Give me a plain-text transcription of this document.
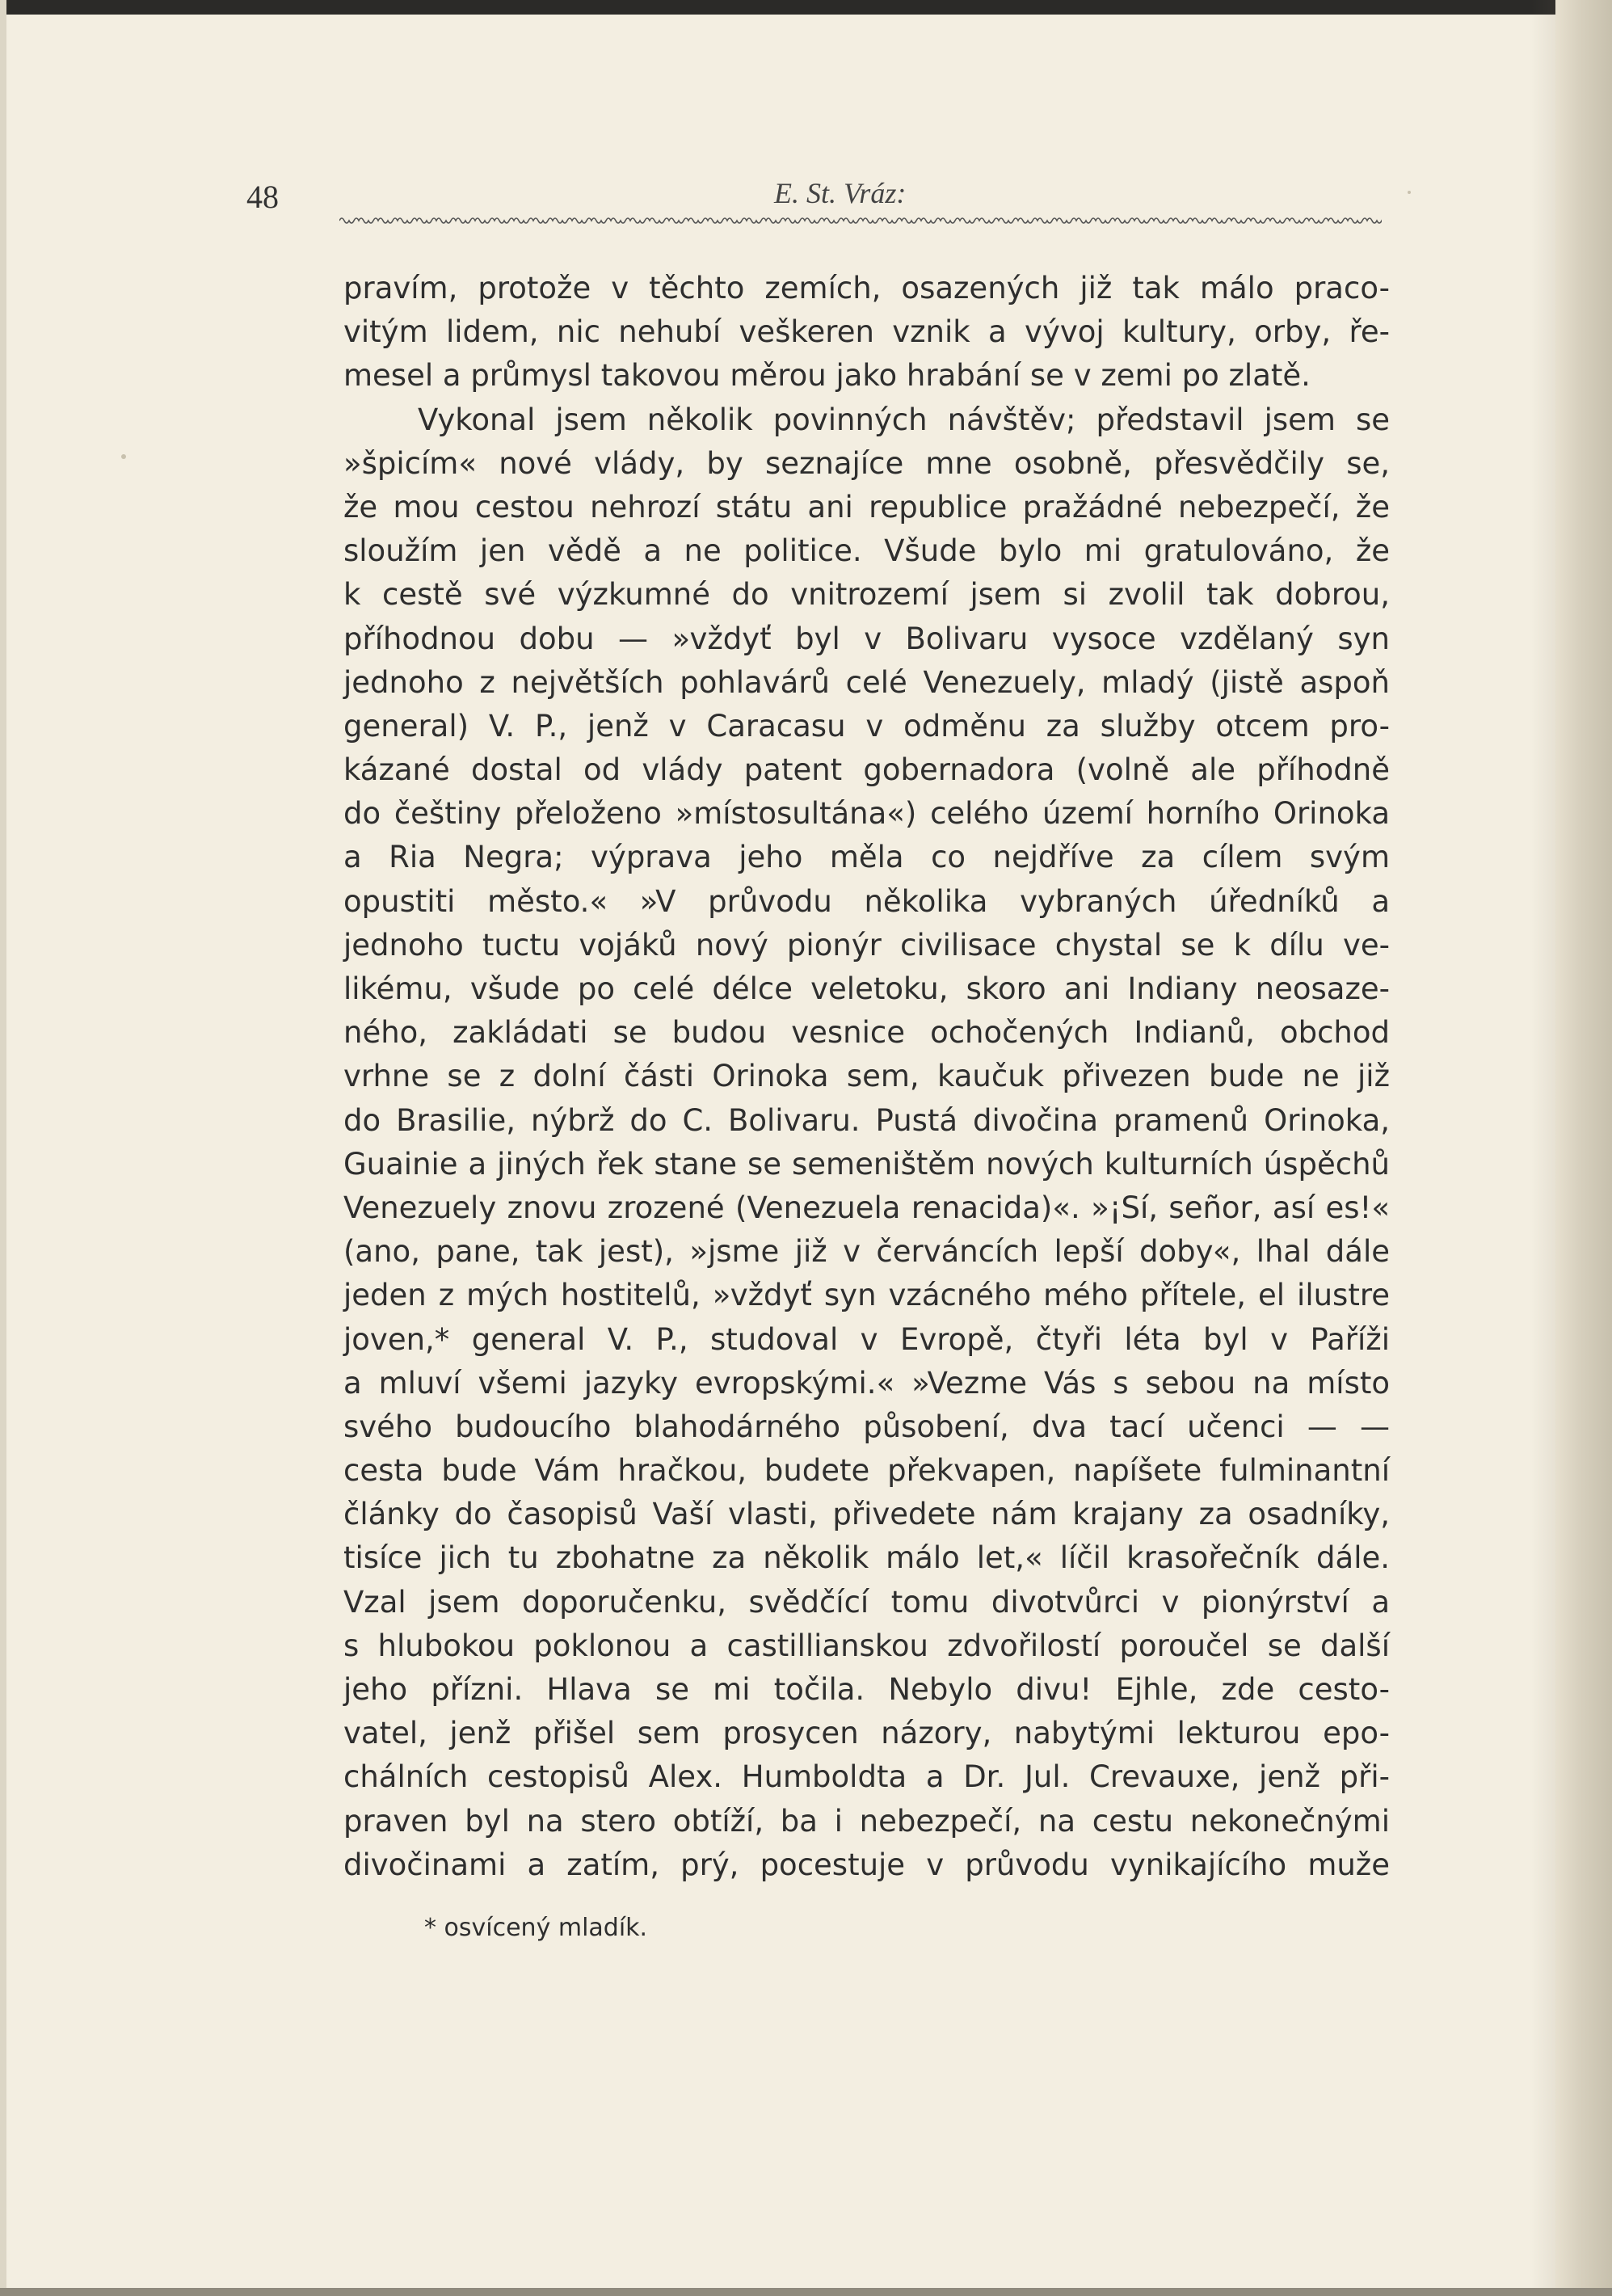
48	E. St. Vráz:
pravím, protože v těchto zemích, osazených již tak málo praco-
vitým lidem, nic nehubí veškeren vznik a vývoj kultury, orby, ře-
mesel a průmysl takovou měrou jako hrabání se v zemi po zlatě.
Vykonal jsem několik povinných návštěv; představil jsem se
»špicím« nové vlády, by seznajíce mne osobně, přesvědčily se,
že mou cestou nehrozí státu ani republice pražádné nebezpečí, že
sloužím jen vědě a ne politice. Všude bylo mi gratulováno, že
k cestě své výzkumné do vnitrozemí jsem si zvolil tak dobrou,
příhodnou dobu — »vždyť byl v Bolivaru vysoce vzdělaný syn
jednoho z největších pohlavárů celé Venezuely, mladý (jistě aspoň
general) V. P., jenž v Caracasu v odměnu za služby otcem pro-
kázané dostal od vlády patent gobernadora (volně ale příhodně
do češtiny přeloženo »místosultána«) celého území horního Orinoka
a Ria Negra; výprava jeho měla co nejdříve za cílem svým
opustiti město.« »V průvodu několika vybraných úředníků a
jednoho tuctu vojáků nový pionýr civilisace chystal se k dílu ve-
likému, všude po celé délce veletoku, skoro ani Indiany neosaze-
ného, zakládati se budou vesnice ochočených Indianů, obchod
vrhne se z dolní části Orinoka sem, kaučuk přivezen bude ne již
do Brasilie, nýbrž do C. Bolivaru. Pustá divočina pramenů Orinoka,
Guainie a jiných řek stane se semeništěm nových kulturních úspěchů
Venezuely znovu zrozené (Venezuela renacida)«. »¡Sí, señor, así es!«
(ano, pane, tak jest), »jsme již v červáncích lepší doby«, lhal dále
jeden z mých hostitelů, »vždyť syn vzácného mého přítele, el ilustre
joven,* general V. P., studoval v Evropě, čtyři léta byl v Paříži
a mluví všemi jazyky evropskými.« »Vezme Vás s sebou na místo
svého budoucího blahodárného působení, dva tací učenci — —
cesta bude Vám hračkou, budete překvapen, napíšete fulminantní
články do časopisů Vaší vlasti, přivedete nám krajany za osadníky,
tisíce jich tu zbohatne za několik málo let,« líčil krasořečník dále.
Vzal jsem doporučenku, svědčící tomu divotvůrci v pionýrství a
s hlubokou poklonou a castillianskou zdvořilostí poroučel se další
jeho přízni. Hlava se mi točila. Nebylo divu! Ejhle, zde cesto-
vatel, jenž přišel sem prosycen názory, nabytými lekturou epo-
chálních cestopisů Alex. Humboldta a Dr. Jul. Crevauxe, jenž při-
praven byl na stero obtíží, ba i nebezpečí, na cestu nekonečnými
divočinami a zatím, prý, pocestuje v průvodu vynikajícího muže
* osvícený mladík.
